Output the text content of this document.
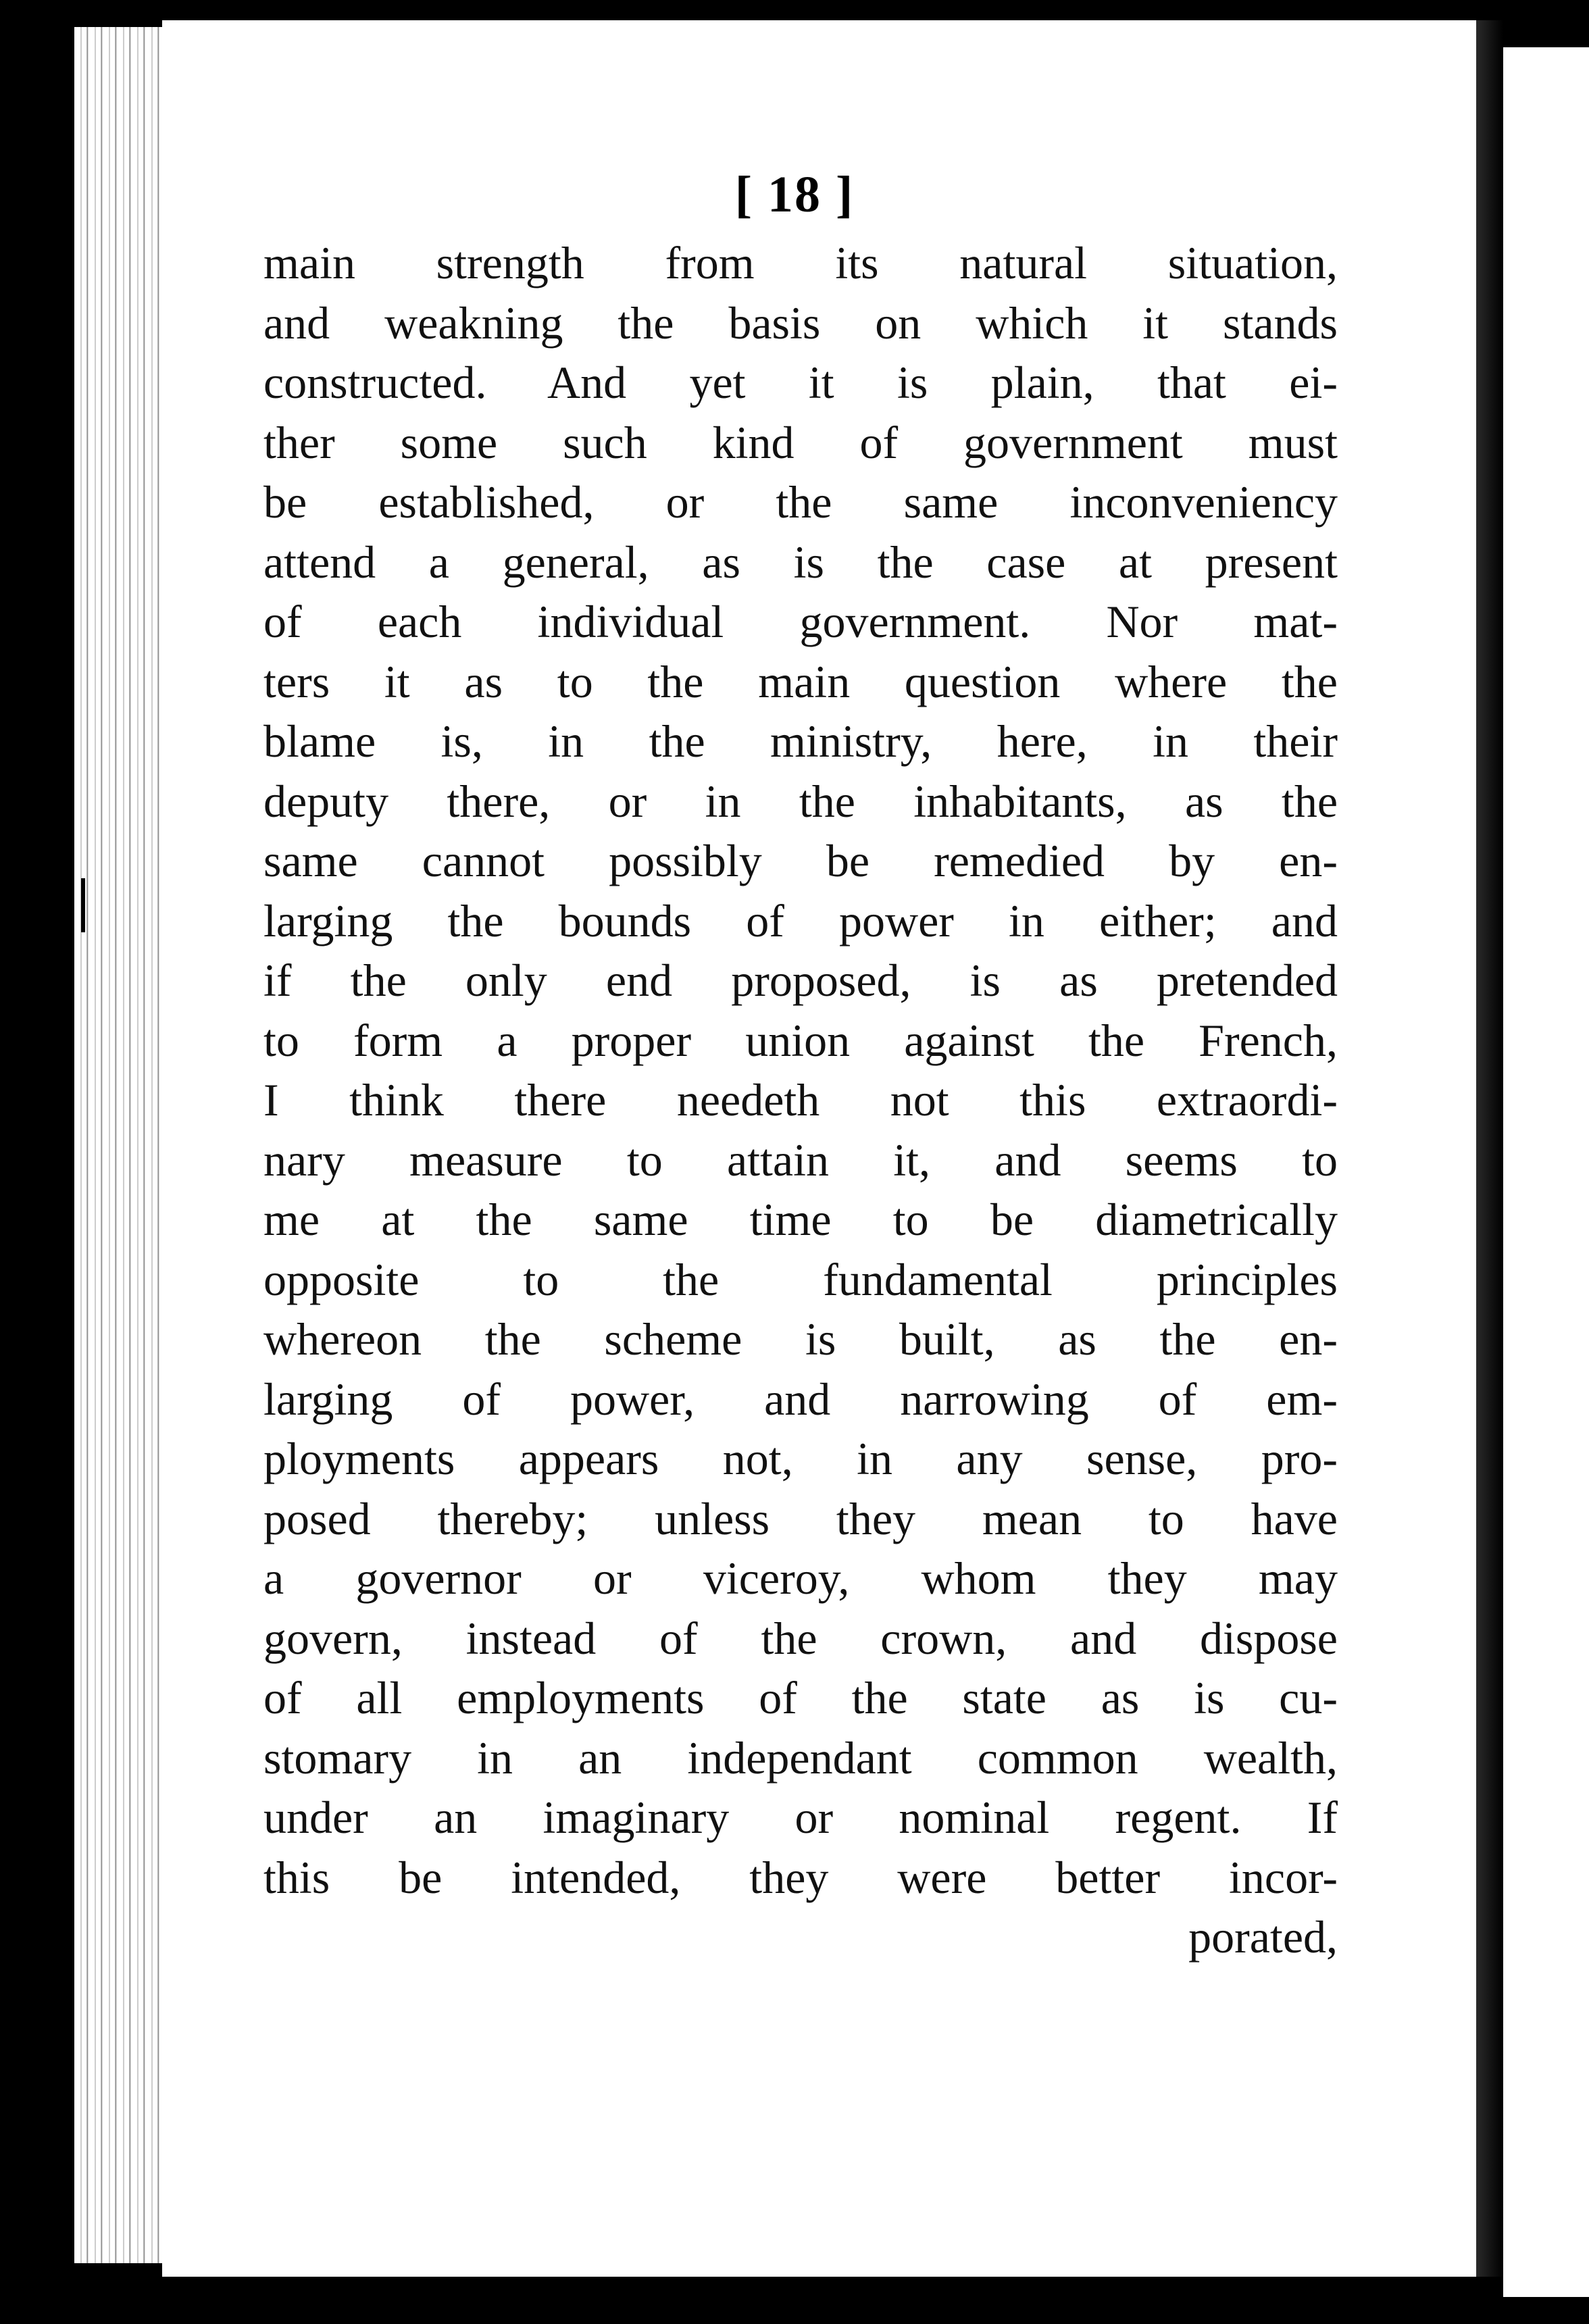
[ 18 ]
main strength from its natural situation,
and weakning the basis on which it stands
constructed. And yet it is plain, that ei-
ther some such kind of government must
be established, or the same inconveniency
attend a general, as is the case at present
of each individual government. Nor mat-
ters it as to the main question where the
blame is, in the ministry, here, in their
deputy there, or in the inhabitants, as the
same cannot possibly be remedied by en-
larging the bounds of power in either; and
if the only end proposed, is as pretended
to form a proper union against the French,
I think there needeth not this extraordi-
nary measure to attain it, and seems to
me at the same time to be diametrically
opposite to the fundamental principles
whereon the scheme is built, as the en-
larging of power, and narrowing of em-
ployments appears not, in any sense, pro-
posed thereby; unless they mean to have
a governor or viceroy, whom they may
govern, instead of the crown, and dispose
of all employments of the state as is cu-
stomary in an independant common wealth,
under an imaginary or nominal regent. If
this be intended, they were better incor-
porated,
